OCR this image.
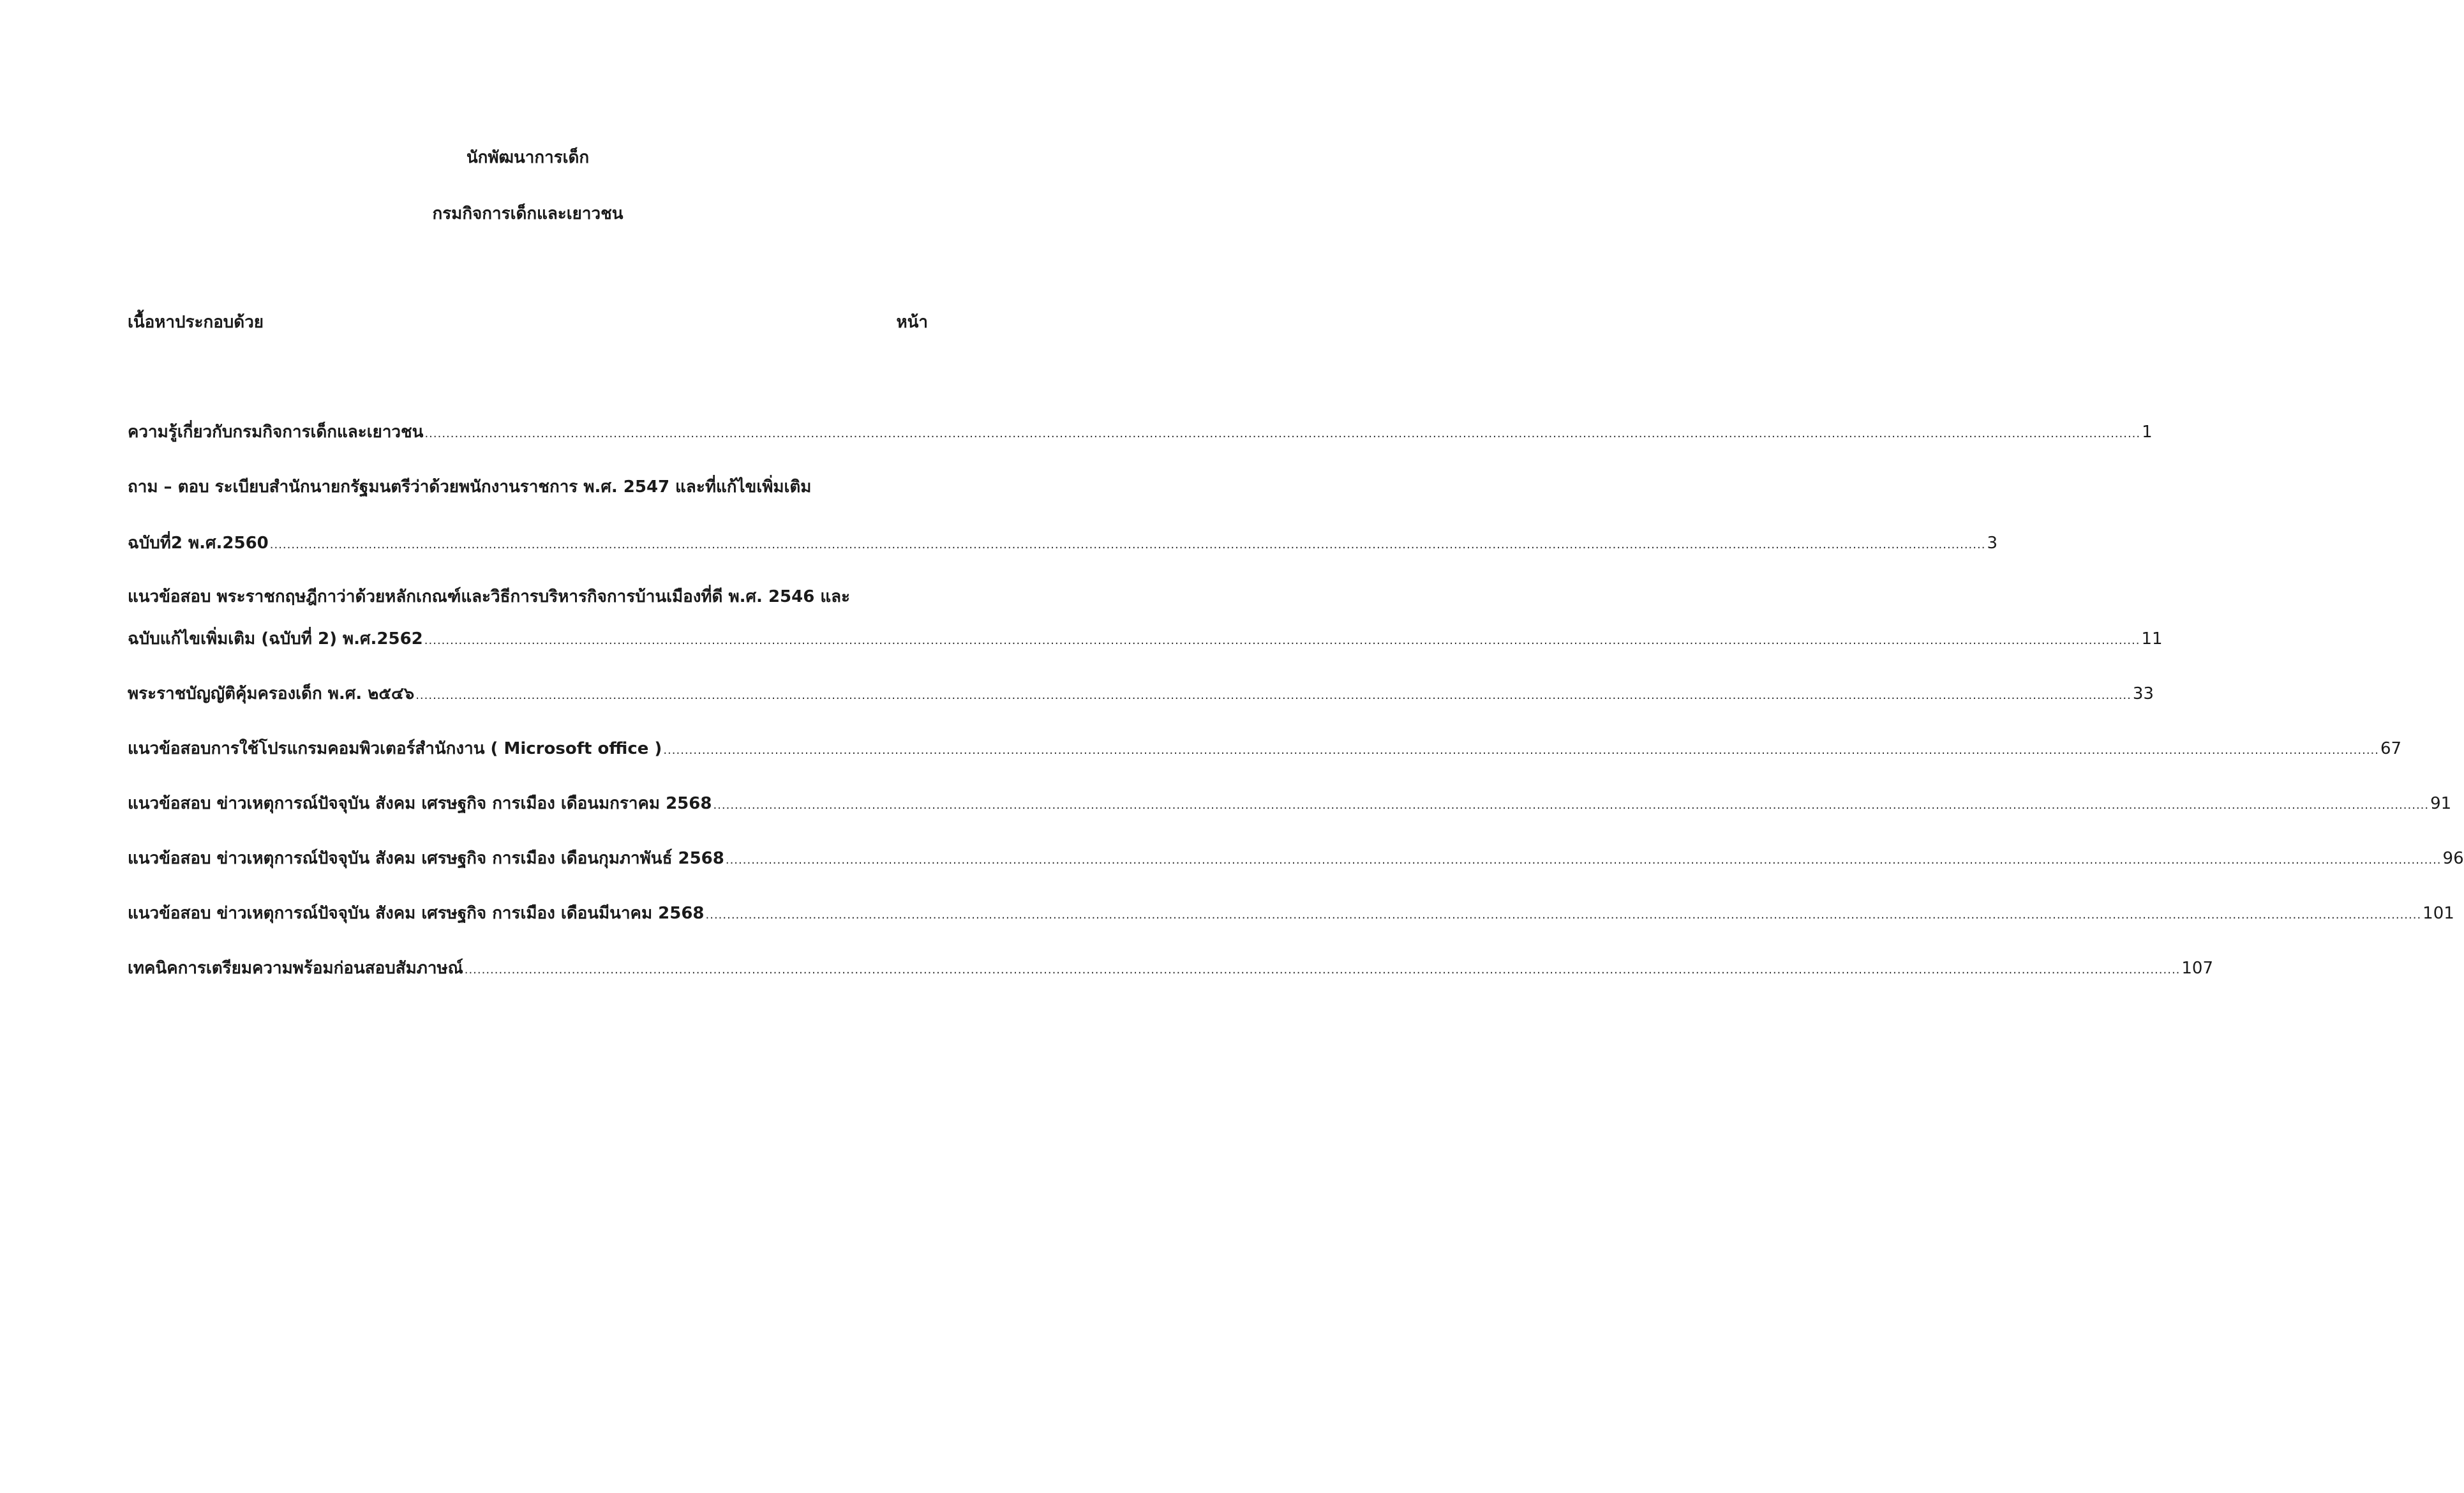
นักพัฒนาการเด็ก
กรมกิจการเด็กและเยาวชน
เนื้อหาประกอบด้วย	หน้า
ความรู้เกี่ยวกับกรมกิจการเด็กและเยาวชน ................................................................................................................................................................................................................................................................................................................................................................................................................ 1
ถาม – ตอบ ระเบียบสำนักนายกรัฐมนตรีว่าด้วยพนักงานราชการ พ.ศ. 2547 และที่แก้ไขเพิ่มเติม
ฉบับที่2 พ.ศ.2560 ................................................................................................................................................................................................................................................................................................................................................................................................................ 3
แนวข้อสอบ พระราชกฤษฎีกาว่าด้วยหลักเกณฑ์และวิธีการบริหารกิจการบ้านเมืองที่ดี พ.ศ. 2546 และ
ฉบับแก้ไขเพิ่มเติม (ฉบับที่ 2) พ.ศ.2562 ................................................................................................................................................................................................................................................................................................................................................................................................................ 11
พระราชบัญญัติคุ้มครองเด็ก พ.ศ. ๒๕๔๖ ................................................................................................................................................................................................................................................................................................................................................................................................................ 33
แนวข้อสอบการใช้โปรแกรมคอมพิวเตอร์สำนักงาน ( Microsoft office ) ................................................................................................................................................................................................................................................................................................................................................................................................................ 67
แนวข้อสอบ ข่าวเหตุการณ์ปัจจุบัน สังคม เศรษฐกิจ การเมือง เดือนมกราคม 2568 ................................................................................................................................................................................................................................................................................................................................................................................................................ 91
แนวข้อสอบ ข่าวเหตุการณ์ปัจจุบัน สังคม เศรษฐกิจ การเมือง เดือนกุมภาพันธ์ 2568 ................................................................................................................................................................................................................................................................................................................................................................................................................ 96
แนวข้อสอบ ข่าวเหตุการณ์ปัจจุบัน สังคม เศรษฐกิจ การเมือง เดือนมีนาคม 2568 ................................................................................................................................................................................................................................................................................................................................................................................................................ 101
เทคนิคการเตรียมความพร้อมก่อนสอบสัมภาษณ์ ................................................................................................................................................................................................................................................................................................................................................................................................................ 107
